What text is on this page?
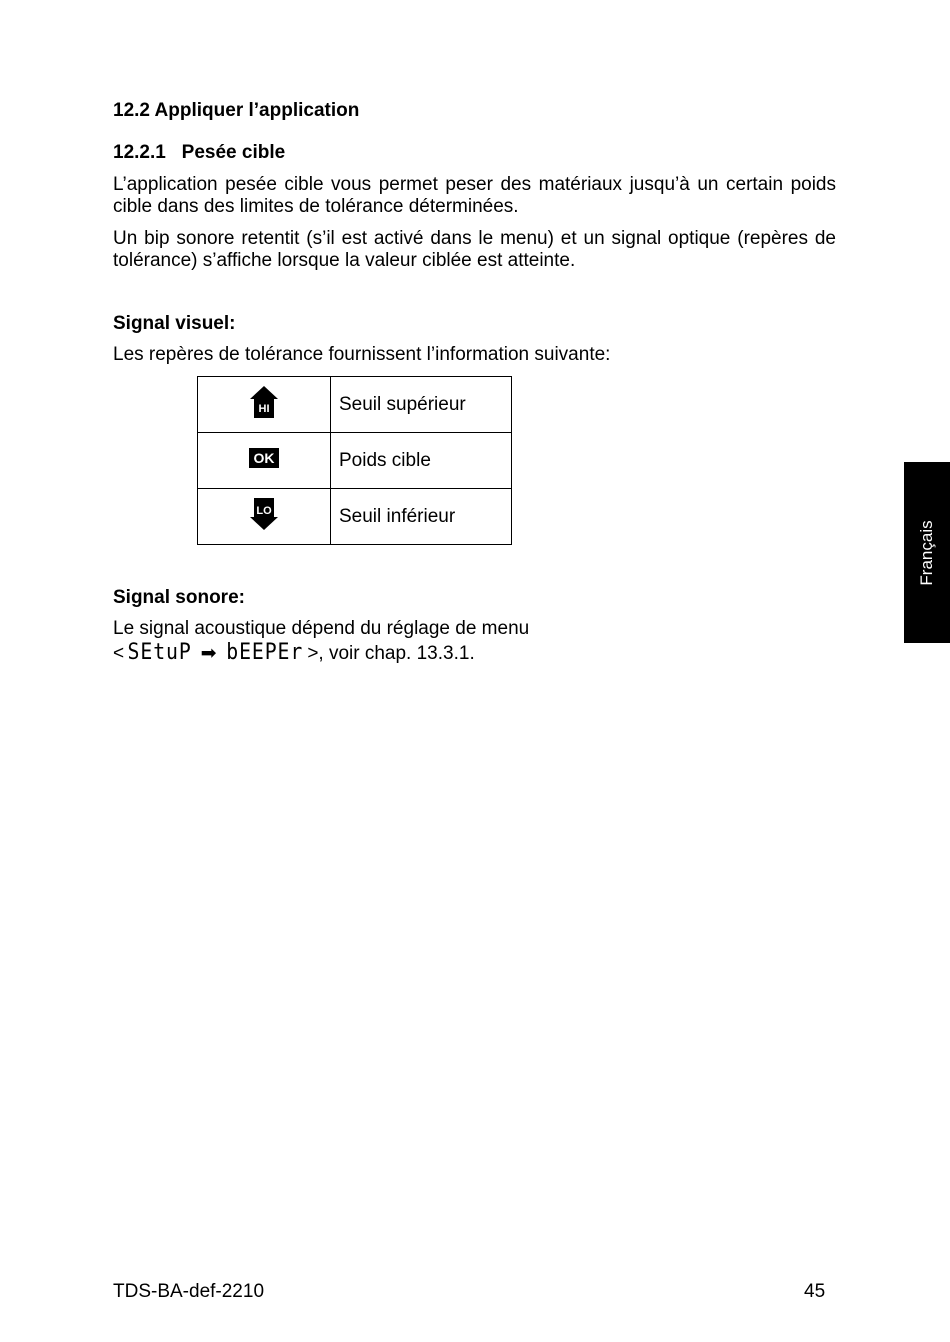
12.2 Appliquer l’application
12.2.1   Pesée cible
L’application pesée cible vous permet peser des matériaux jusqu’à un certain poids cible dans des limites de tolérance déterminées.
Un bip sonore retentit (s’il est activé dans le menu) et un signal optique (repères de tolérance) s’affiche lorsque la valeur ciblée est atteinte.
Signal visuel:
Les repères de tolérance fournissent l’information suivante:
HI	Seuil supérieur

OK	Poids cible

LO	Seuil inférieur
Signal sonore:
Le signal acoustique dépend du réglage de menu
< SEtuP ➡ bEEPEr >, voir chap. 13.3.1.
Français
TDS-BA-def-2210	45
